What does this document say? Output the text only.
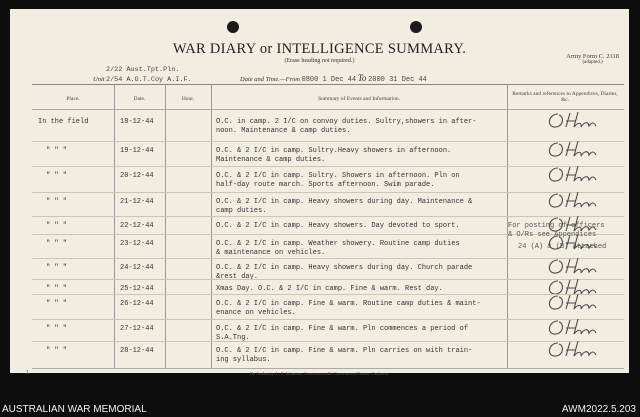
WAR DIARY or INTELLIGENCE SUMMARY.
(Erase heading not required.)
Army Form C. 2118
(adapted.)
2/22 Aust.Tpt.Pln.
2/54 A.G.T.Coy A.I.F.
Unit	Date and Time.—From 0800 1 Dec 44 To 2000 31 Dec 44
Place.	Date.	Hour.	Summary of Events and Information.
Remarks and references to Appendices, Diaries, &c.
In the field	18-12-44	O.C. in camp. 2 I/C on convoy duties. Sultry,showers in after-
noon. Maintenance & camp duties.
" " "	19-12-44	O.C. & 2 I/C in camp. Sultry.Heavy showers in afternoon.
Maintenance & camp duties.
" " "	20-12-44	O.C. & 2 I/C in camp. Sultry. Showers in afternoon. Pln on
half-day route march. Sports afternoon. Swim parade.
" " "	21-12-44	O.C. & 2 I/C in camp. Heavy showers during day. Maintenance &
camp duties.
" " "	22-12-44	O.C. & 2 I/C in camp. Heavy showers. Day devoted to sport.
" " "	23-12-44	O.C. & 2 I/C in camp. Weather showery. Routine camp duties
& maintenance on vehicles.
" " "	24-12-44	O.C. & 2 I/C in camp. Heavy showers during day. Church parade
&rest day.
" " "	25-12-44	Xmas Day. O.C. & 2 I/C in camp. Fine & warm. Rest day.
" " "	26-12-44	O.C. & 2 I/C in camp. Fine & warm. Routine camp duties & maint-
enance on vehicles.
" " "	27-12-44	O.C. & 2 I/C in camp. Fine & warm. Pln commences a period of
S.A.Tng.
" " "	28-12-44	O.C. & 2 I/C in camp. Fine & warm. Pln carries on with train-
ing syllabus.
For posting of officers
& O/Rs see Appendices
24 (A) & (B) attached
1.	By Authority: L. F. Johnston, Commonwealth Government Printer, Canberra.
AUSTRALIAN WAR MEMORIAL	AWM2022.5.203
